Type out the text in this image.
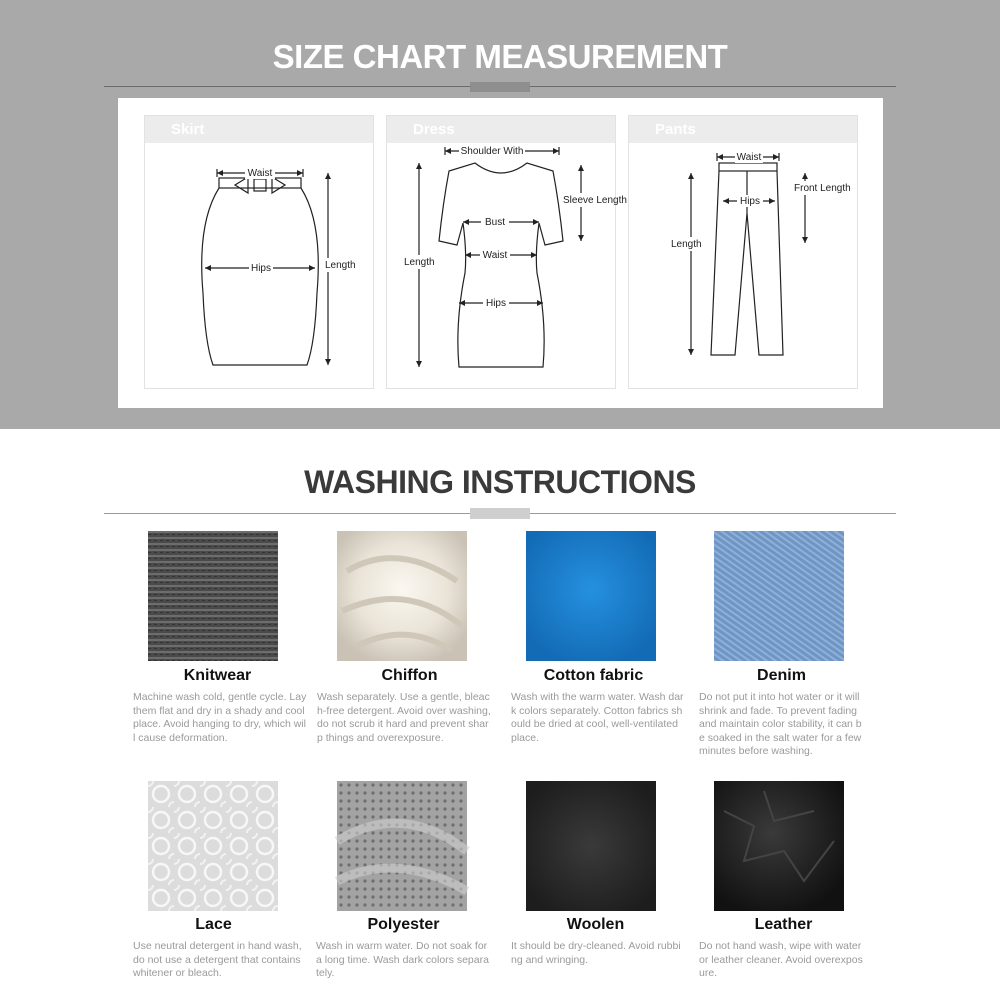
SIZE CHART MEASUREMENT
Skirt
Waist
Hips	Length
Dress
Shoulder With
Sleeve Length
Bust
Waist
Hips
Length
Pants
Waist
Hips
Front Length
Length
WASHING INSTRUCTIONS
Knitwear
Machine wash cold, gentle cycle. Lay them flat and dry in a shady and cool place. Avoid hanging to dry, which will cause deformation.
Chiffon
Wash separately. Use a gentle, bleach-free detergent. Avoid over washing, do not scrub it hard and prevent sharp things and overexposure.
Cotton fabric
Wash with the warm water. Wash dark colors separately. Cotton fabrics should be dried at cool, well-ventilated place.
Denim
Do not put it into hot water or it will shrink and fade. To prevent fading and maintain color stability, it can be soaked in the salt water for a few minutes before washing.
Lace
Use neutral detergent in hand wash, do not use a detergent that contains whitener or bleach.
Polyester
Wash in warm water. Do not soak for a long time. Wash dark colors separately.
Woolen
It should be dry-cleaned. Avoid rubbing and wringing.
Leather
Do not hand wash, wipe with water or leather cleaner. Avoid overexposure.
